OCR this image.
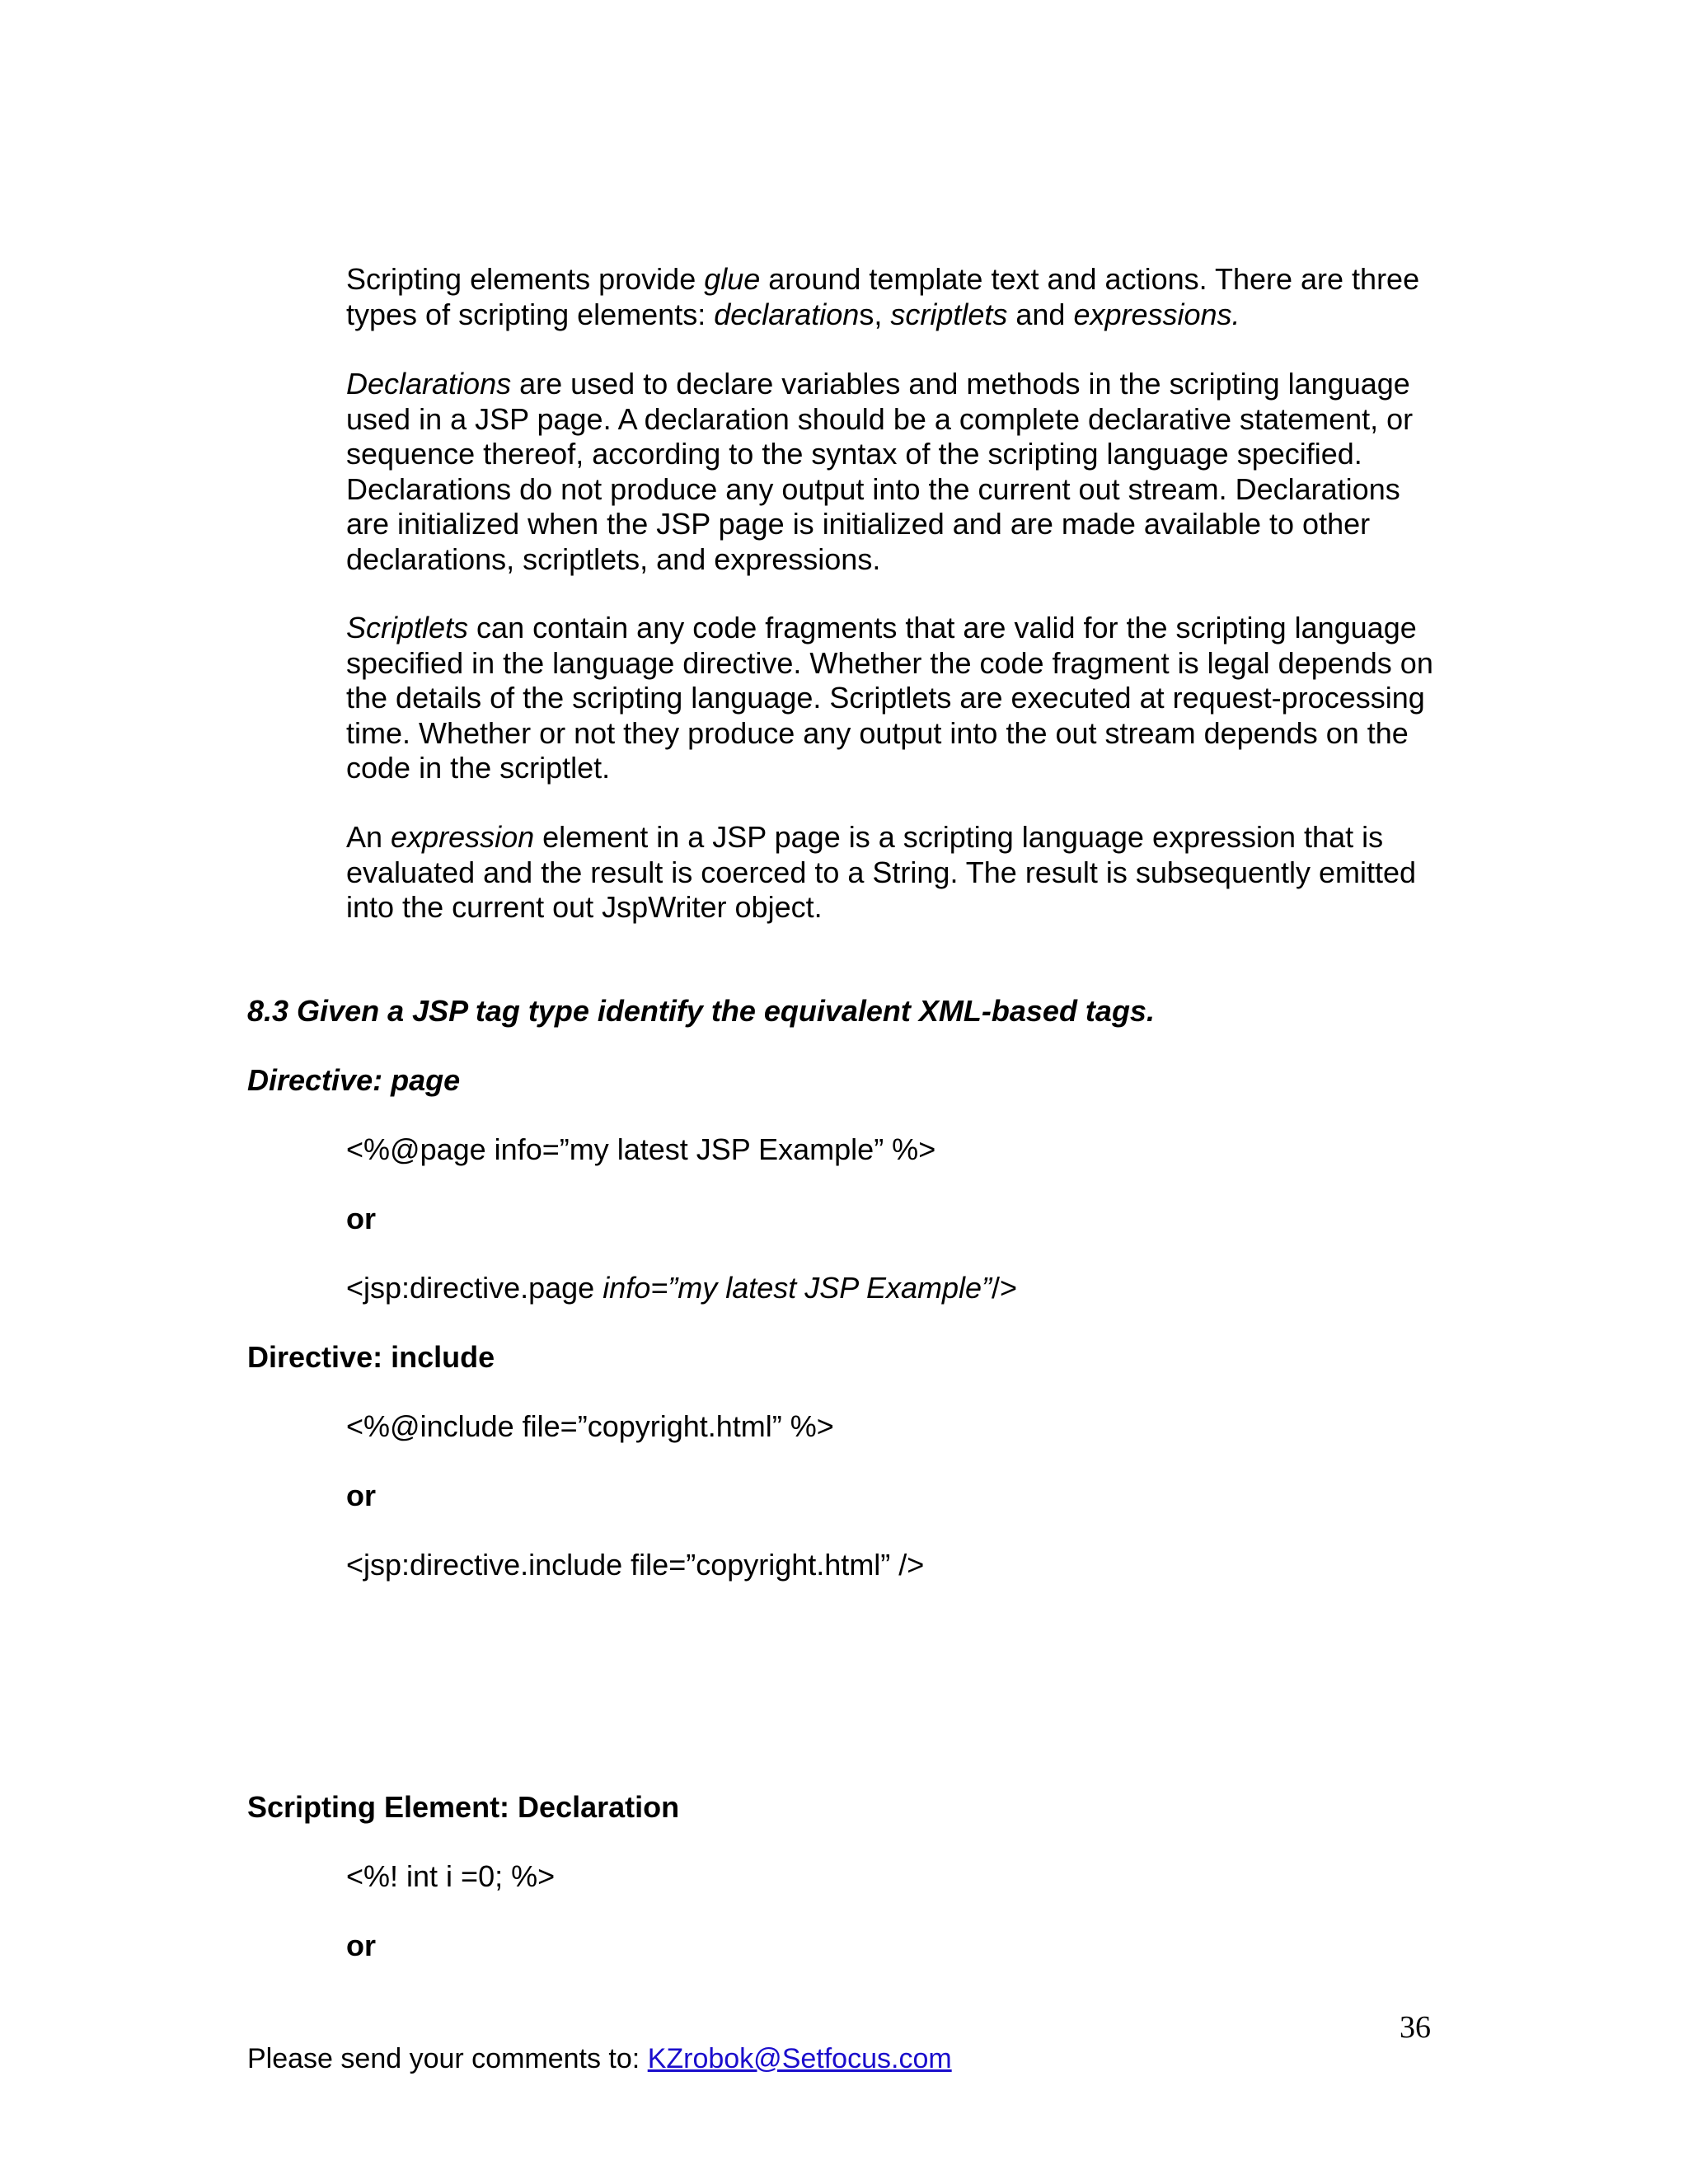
Scripting elements provide glue around template text and actions. There are three types of scripting elements: declarations, scriptlets and expressions.

Declarations are used to declare variables and methods in the scripting language used in a JSP page. A declaration should be a complete declarative statement, or sequence thereof, according to the syntax of the scripting language specified. Declarations do not produce any output into the current out stream. Declarations are initialized when the JSP page is initialized and are made available to other declarations, scriptlets, and expressions.

Scriptlets can contain any code fragments that are valid for the scripting language specified in the language directive. Whether the code fragment is legal depends on the details of the scripting language. Scriptlets are executed at request-processing time. Whether or not they produce any output into the out stream depends on the code in the scriptlet.

An expression element in a JSP page is a scripting language expression that is evaluated and the result is coerced to a String. The result is subsequently emitted into the current out JspWriter object.

8.3 Given a JSP tag type identify the equivalent XML-based tags.

Directive: page

<%@page info=”my latest JSP Example” %>

or

<jsp:directive.page info=”my latest JSP Example”/>

Directive: include

<%@include file=”copyright.html” %>

or

<jsp:directive.include file=”copyright.html” />

Scripting Element: Declaration

<%! int i =0; %>

or

36
Please send your comments to: KZrobok@Setfocus.com
